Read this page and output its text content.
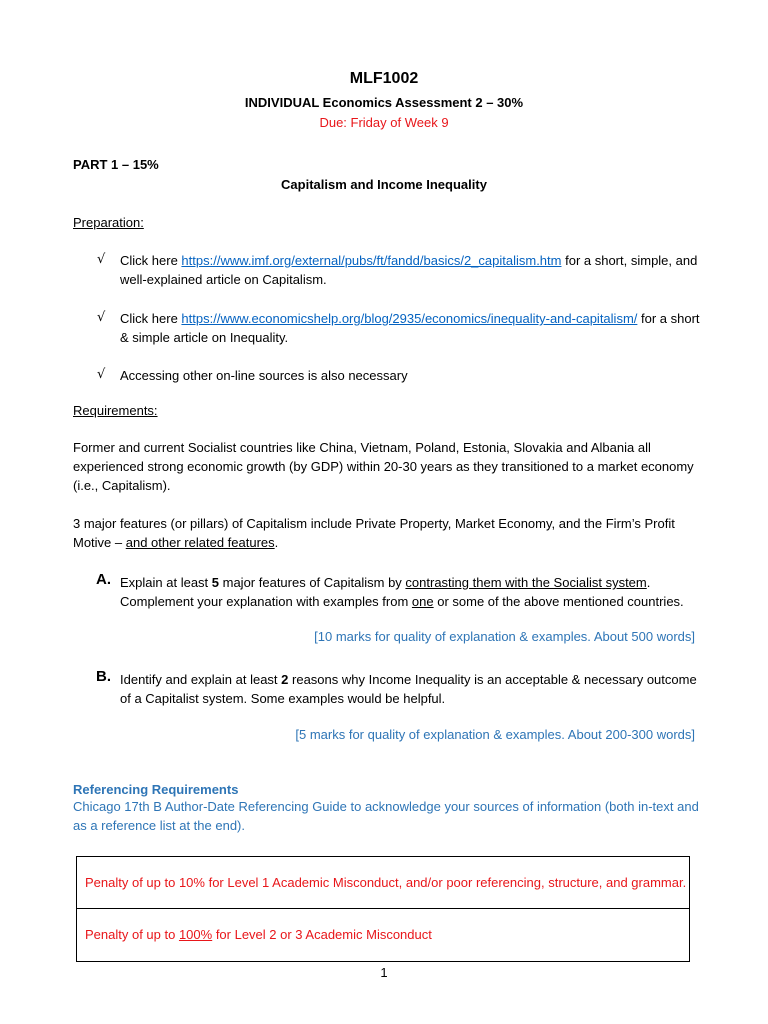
MLF1002
INDIVIDUAL Economics Assessment 2 – 30%
Due: Friday of Week 9
PART 1 – 15%
Capitalism and Income Inequality
Preparation:
√ Click here https://www.imf.org/external/pubs/ft/fandd/basics/2_capitalism.htm for a short, simple, and well-explained article on Capitalism.
√ Click here https://www.economicshelp.org/blog/2935/economics/inequality-and-capitalism/ for a short & simple article on Inequality.
√ Accessing other on-line sources is also necessary
Requirements:
Former and current Socialist countries like China, Vietnam, Poland, Estonia, Slovakia and Albania all experienced strong economic growth (by GDP) within 20-30 years as they transitioned to a market economy (i.e., Capitalism).
3 major features (or pillars) of Capitalism include Private Property, Market Economy, and the Firm’s Profit Motive – and other related features.
A. Explain at least 5 major features of Capitalism by contrasting them with the Socialist system. Complement your explanation with examples from one or some of the above mentioned countries.
[10 marks for quality of explanation & examples. About 500 words]
B. Identify and explain at least 2 reasons why Income Inequality is an acceptable & necessary outcome of a Capitalist system. Some examples would be helpful.
[5 marks for quality of explanation & examples. About 200-300 words]
Referencing Requirements
Chicago 17th B Author-Date Referencing Guide to acknowledge your sources of information (both in-text and as a reference list at the end).
Penalty of up to 10% for Level 1 Academic Misconduct, and/or poor referencing, structure, and grammar.
Penalty of up to 100% for Level 2 or 3 Academic Misconduct
1
